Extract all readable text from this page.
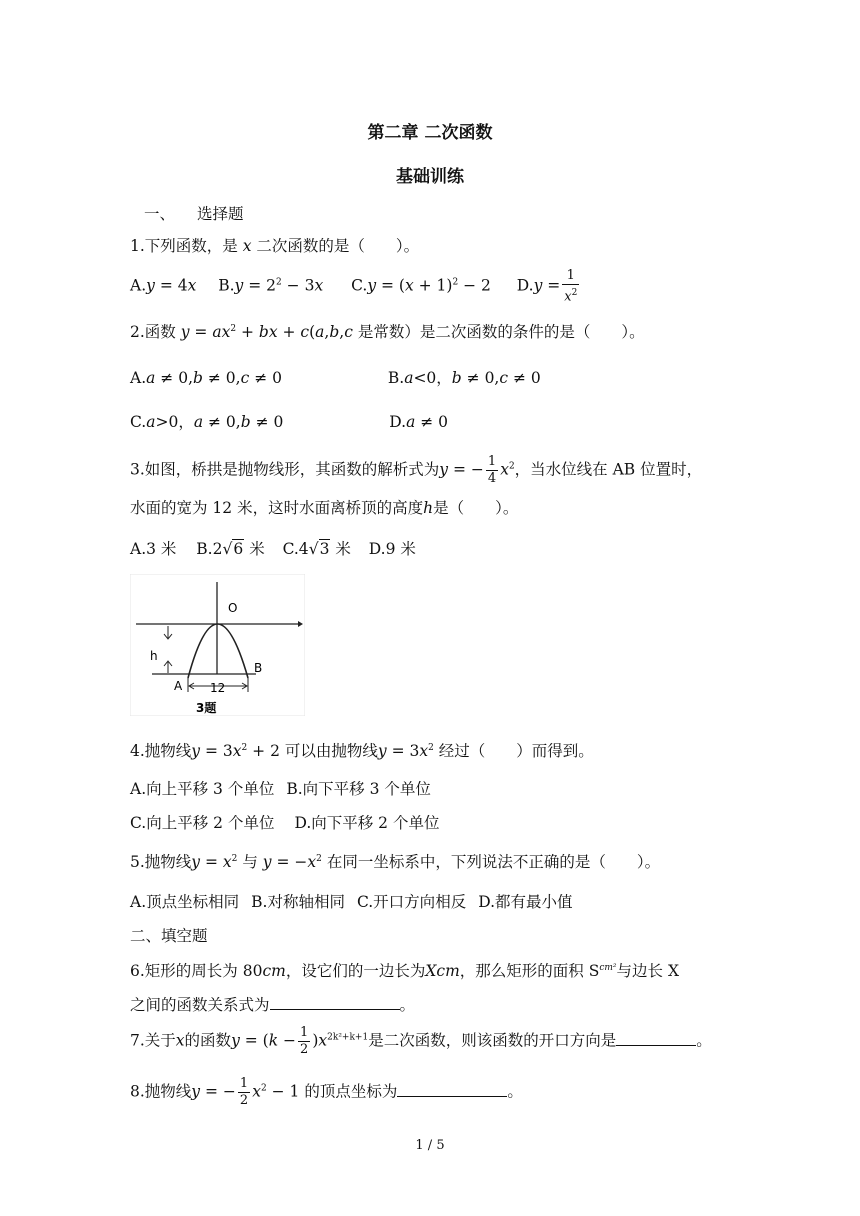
第二章 二次函数
基础训练
一、 选择题
1.下列函数，是 x 二次函数的是（　　）。
A.y = 4x $B.y = 2^2 - 3x$ $C.y = (x + 1)^2 - 2$  $D.y = \frac{1}{x^2}$
2.函数 $y = ax^2$ + bx + c(a,b,c 是常数）是二次函数的条件的是（　　）。
A.a ≠ 0,b ≠ 0,c ≠ 0	B.a<0，b ≠ 0,c ≠ 0
C.a>0，a ≠ 0,b ≠ 0	D.a ≠ 0
3.如图，桥拱是抛物线形，其函数的解析式为y = − $\frac{1}{4} x^2$，当水位线在 AB 位置时，
水面的宽为 12 米，这时水面离桥顶的高度h是（　　）。
A.3 米 B.2√6 米 C.4√3 米 D.9 米
O
h
A
B
12
3题
4.抛物线$y = 3x^2 + 2$ 可以由抛物线$y = 3x^2$ 经过（　　）而得到。
A.向上平移 3 个单位 B.向下平移 3 个单位
C.向上平移 2 个单位 D.向下平移 2 个单位
5.抛物线$y = x^2$ 与 $y = -x^2$ 在同一坐标系中，下列说法不正确的是（　　）。
A.顶点坐标相同 B.对称轴相同 C.开口方向相反 D.都有最小值
二、填空题
6.矩形的周长为 80cm，设它们的一边长为Xcm，那么矩形的面积 $S^{cm^2}$与边长 X
之间的函数关系式为	。
7.关于x的函数$y = (k - \frac{1}{2} )x^{2k^2+k+1}$是二次函数，则该函数的开口方向是	。
8.抛物线y = − $\frac{1}{2} x^2 - 1$ 的顶点坐标为	。
1 / 5
